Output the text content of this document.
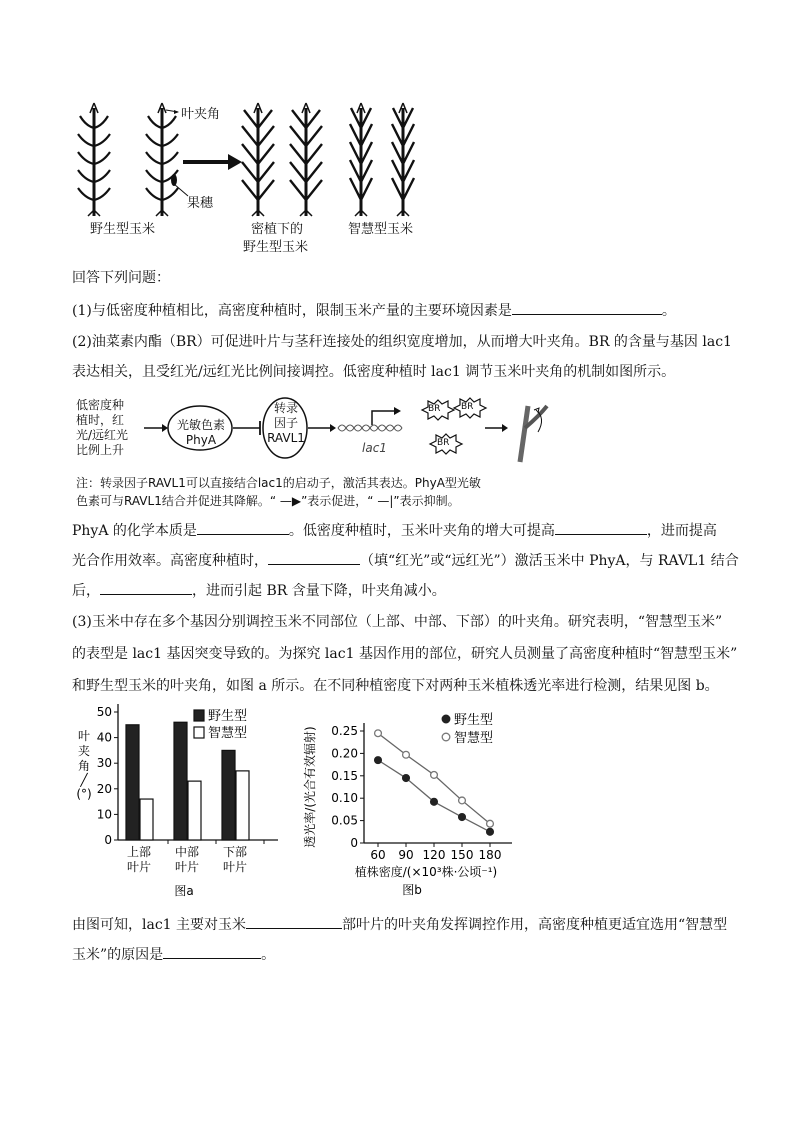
叶夹角
果穗
野生型玉米	密植下的
野生型玉米
智慧型玉米
回答下列问题：
(1)与低密度种植相比，高密度种植时，限制玉米产量的主要环境因素是	。
(2)油菜素内酯（BR）可促进叶片与茎秆连接处的组织宽度增加，从而增大叶夹角。BR 的含量与基因 lac1
表达相关，且受红光/远红光比例间接调控。低密度种植时 lac1 调节玉米叶夹角的机制如图所示。
低密度种
植时，红
光/远红光
比例上升
光敏色素
PhyA
转录
因子
RAVL1
lac1
BR BR
BR
注：转录因子RAVL1可以直接结合lac1的启动子，激活其表达。PhyA型光敏
色素可与RAVL1结合并促进其降解。“ —▶”表示促进，“ —|”表示抑制。
PhyA 的化学本质是	。低密度种植时，玉米叶夹角的增大可提高	，进而提高
光合作用效率。高密度种植时，	（填“红光”或“远红光”）激活玉米中 PhyA，与 RAVL1 结合
后，	，进而引起 BR 含量下降，叶夹角减小。
(3)玉米中存在多个基因分别调控玉米不同部位（上部、中部、下部）的叶夹角。研究表明，“智慧型玉米”
的表型是 lac1 基因突变导致的。为探究 lac1 基因作用的部位，研究人员测量了高密度种植时“智慧型玉米”
和野生型玉米的叶夹角，如图 a 所示。在不同种植密度下对两种玉米植株透光率进行检测，结果见图 b。
0
10
20
30
40
50
叶夹角╱ (°)
上部叶片
中部叶片
下部叶片
野生型
智慧型
图a
0
0.05
0.10
0.15
0.20
0.25
60 90 120 150 180
透光率/(光合有效辐射)
植株密度/(×10³株·公顷⁻¹)
野生型
智慧型
图b
由图可知，lac1 主要对玉米	部叶片的叶夹角发挥调控作用，高密度种植更适宜选用“智慧型
玉米”的原因是	。
